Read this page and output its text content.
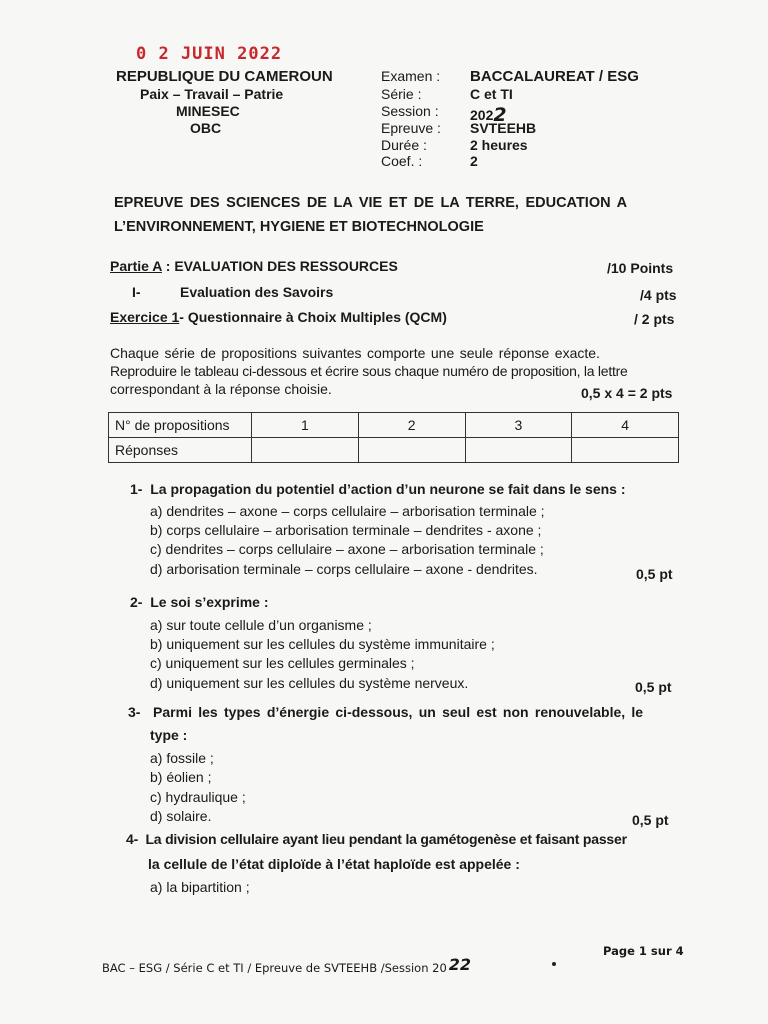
0 2 JUIN 2022
REPUBLIQUE DU CAMEROUN
Paix – Travail – Patrie
MINESEC
OBC
Examen : BACCALAUREAT / ESG
Série :	C et TI
Session : 2022
Epreuve : SVTEEHB
Durée :	2 heures
Coef. :	2
EPREUVE DES SCIENCES DE LA VIE ET DE LA TERRE, EDUCATION A
L’ENVIRONNEMENT, HYGIENE ET BIOTECHNOLOGIE
Partie A : EVALUATION DES RESSOURCES	/10 Points
I-	Evaluation des Savoirs	/4 pts
Exercice 1- Questionnaire à Choix Multiples (QCM)	/ 2 pts
Chaque série de propositions suivantes comporte une seule réponse exacte.
Reproduire le tableau ci-dessous et écrire sous chaque numéro de proposition, la lettre
correspondant à la réponse choisie.	0,5 x 4 = 2 pts
N° de propositions	1	2	3	4
Réponses				
1- La propagation du potentiel d’action d’un neurone se fait dans le sens :
a) dendrites – axone – corps cellulaire – arborisation terminale ;
b) corps cellulaire – arborisation terminale – dendrites - axone ;
c) dendrites – corps cellulaire – axone – arborisation terminale ;
d) arborisation terminale – corps cellulaire – axone - dendrites.	0,5 pt
2- Le soi s’exprime :
a) sur toute cellule d’un organisme ;
b) uniquement sur les cellules du système immunitaire ;
c) uniquement sur les cellules germinales ;
d) uniquement sur les cellules du système nerveux.	0,5 pt
3- Parmi les types d’énergie ci-dessous, un seul est non renouvelable, le
type :
a) fossile ;
b) éolien ;
c) hydraulique ;
d) solaire.	0,5 pt
4- La division cellulaire ayant lieu pendant la gamétogenèse et faisant passer
la cellule de l’état diploïde à l’état haploïde est appelée :
a) la bipartition ;
Page 1 sur 4
BAC – ESG / Série C et TI / Epreuve de SVTEEHB /Session 20 22
